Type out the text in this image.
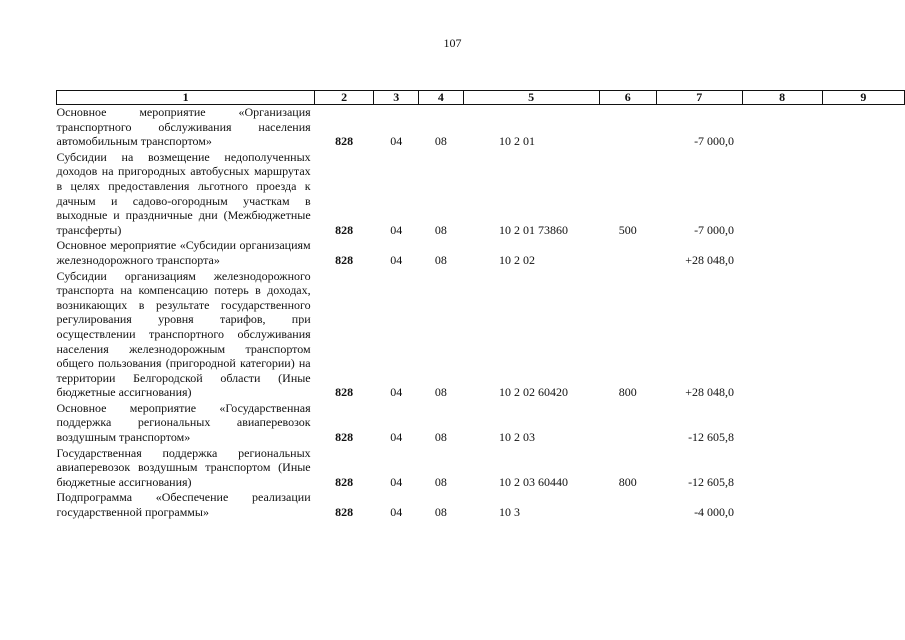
107
1	2	3	4	5	6	7	8	9
Основное мероприятие «Организация транспортного обслуживания населения автомобильным транспортом»	828	04	08	10 2 01		-7 000,0		
Субсидии на возмещение недополученных доходов на пригородных автобусных маршрутах в целях предоставления льготного проезда к дачным и садово-огородным участкам в выходные и праздничные дни (Межбюджетные трансферты)	828	04	08	10 2 01 73860	500	-7 000,0		
Основное мероприятие «Субсидии организациям железнодорожного транспорта»	828	04	08	10 2 02		+28 048,0		
Субсидии организациям железнодорожного транспорта на компенсацию потерь в доходах, возникающих в результате государственного регулирования уровня тарифов, при осуществлении транспортного обслуживания населения железнодорожным транспортом общего пользования (пригородной категории) на территории Белгородской области (Иные бюджетные ассигнования)	828	04	08	10 2 02 60420	800	+28 048,0		
Основное мероприятие «Государственная поддержка региональных авиаперевозок воздушным транспортом»	828	04	08	10 2 03		-12 605,8		
Государственная поддержка региональных авиаперевозок воздушным транспортом (Иные бюджетные ассигнования)	828	04	08	10 2 03 60440	800	-12 605,8		
Подпрограмма «Обеспечение реализации государственной программы»	828	04	08	10 3		-4 000,0		
